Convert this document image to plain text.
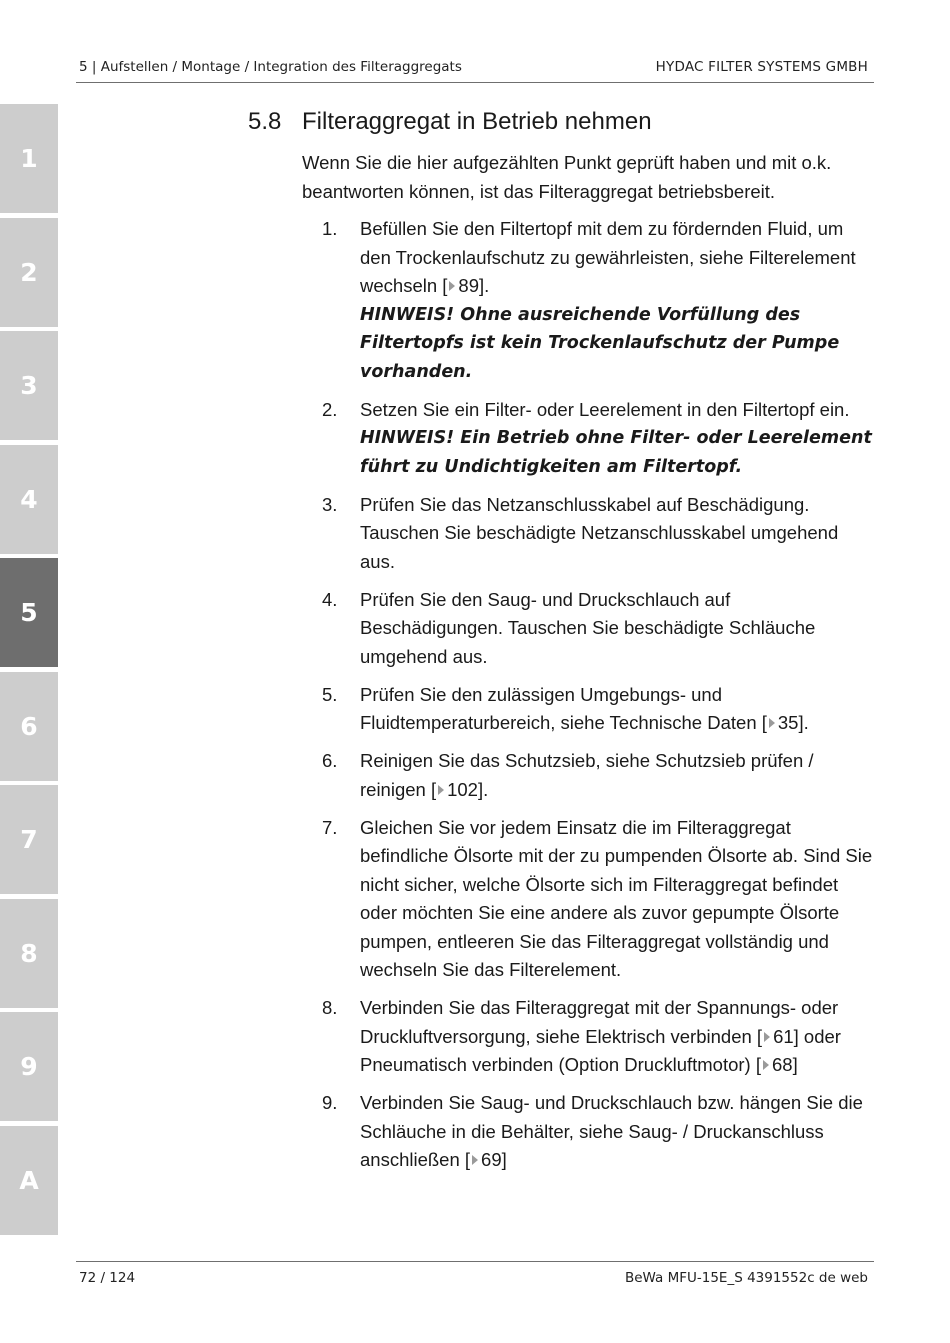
5 | Aufstellen / Montage / Integration des Filteraggregats	HYDAC FILTER SYSTEMS GMBH
1
2
3
4
5
6
7
8
9
A
5.8 Filteraggregat in Betrieb nehmen

Wenn Sie die hier aufgezählten Punkt geprüft haben und mit o.k. beantworten können, ist das Filteraggregat betriebsbereit.

1. Befüllen Sie den Filtertopf mit dem zu fördernden Fluid, um den Trockenlaufschutz zu gewährleisten, siehe Filterelement wechseln [ 89].
HINWEIS! Ohne ausreichende Vorfüllung des Filtertopfs ist kein Trockenlaufschutz der Pumpe vorhanden.
2. Setzen Sie ein Filter- oder Leerelement in den Filtertopf ein.
HINWEIS! Ein Betrieb ohne Filter- oder Leerelement führt zu Undichtigkeiten am Filtertopf.
3. Prüfen Sie das Netzanschlusskabel auf Beschädigung. Tauschen Sie beschädigte Netzanschlusskabel umgehend aus.
4. Prüfen Sie den Saug- und Druckschlauch auf Beschädigungen. Tauschen Sie beschädigte Schläuche umgehend aus.
5. Prüfen Sie den zulässigen Umgebungs- und Fluidtemperaturbereich, siehe Technische Daten [ 35].
6. Reinigen Sie das Schutzsieb, siehe Schutzsieb prüfen / reinigen [ 102].
7. Gleichen Sie vor jedem Einsatz die im Filteraggregat befindliche Ölsorte mit der zu pumpenden Ölsorte ab. Sind Sie nicht sicher, welche Ölsorte sich im Filteraggregat befindet oder möchten Sie eine andere als zuvor gepumpte Ölsorte pumpen, entleeren Sie das Filteraggregat vollständig und wechseln Sie das Filterelement.
8. Verbinden Sie das Filteraggregat mit der Spannungs- oder Druckluftversorgung, siehe Elektrisch verbinden [ 61] oder Pneumatisch verbinden (Option Druckluftmotor) [ 68]
9. Verbinden Sie Saug- und Druckschlauch bzw. hängen Sie die Schläuche in die Behälter, siehe Saug- / Druckanschluss anschließen [ 69]
72 / 124	BeWa MFU-15E_S 4391552c de web
